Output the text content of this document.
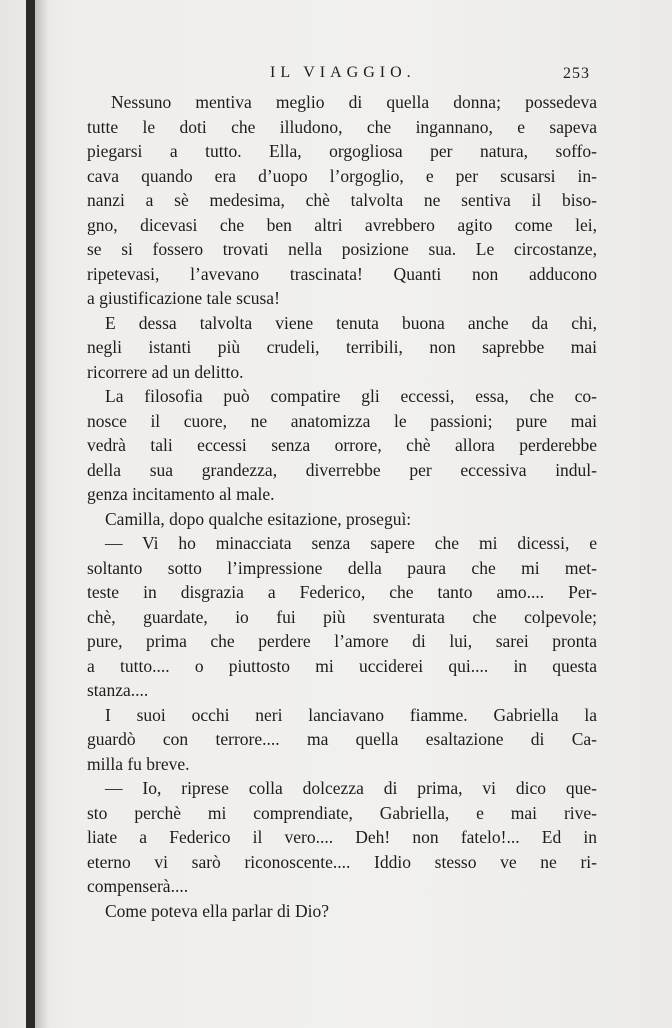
IL VIAGGIO.	253
Nessuno mentiva meglio di quella donna; possedeva
tutte le doti che illudono, che ingannano, e sapeva
piegarsi a tutto. Ella, orgogliosa per natura, soffo-
cava quando era d’uopo l’orgoglio, e per scusarsi in-
nanzi a sè medesima, chè talvolta ne sentiva il biso-
gno, dicevasi che ben altri avrebbero agito come lei,
se si fossero trovati nella posizione sua. Le circostanze,
ripetevasi, l’avevano trascinata! Quanti non adducono
a giustificazione tale scusa!
E dessa talvolta viene tenuta buona anche da chi,
negli istanti più crudeli, terribili, non saprebbe mai
ricorrere ad un delitto.
La filosofia può compatire gli eccessi, essa, che co-
nosce il cuore, ne anatomizza le passioni; pure mai
vedrà tali eccessi senza orrore, chè allora perderebbe
della sua grandezza, diverrebbe per eccessiva indul-
genza incitamento al male.
Camilla, dopo qualche esitazione, proseguì:
— Vi ho minacciata senza sapere che mi dicessi, e
soltanto sotto l’impressione della paura che mi met-
teste in disgrazia a Federico, che tanto amo.... Per-
chè, guardate, io fui più sventurata che colpevole;
pure, prima che perdere l’amore di lui, sarei pronta
a tutto.... o piuttosto mi ucciderei qui.... in questa
stanza....
I suoi occhi neri lanciavano fiamme. Gabriella la
guardò con terrore.... ma quella esaltazione di Ca-
milla fu breve.
— Io, riprese colla dolcezza di prima, vi dico que-
sto perchè mi comprendiate, Gabriella, e mai rive-
liate a Federico il vero.... Deh! non fatelo!... Ed in
eterno vi sarò riconoscente.... Iddio stesso ve ne ri-
compenserà....
Come poteva ella parlar di Dio?
